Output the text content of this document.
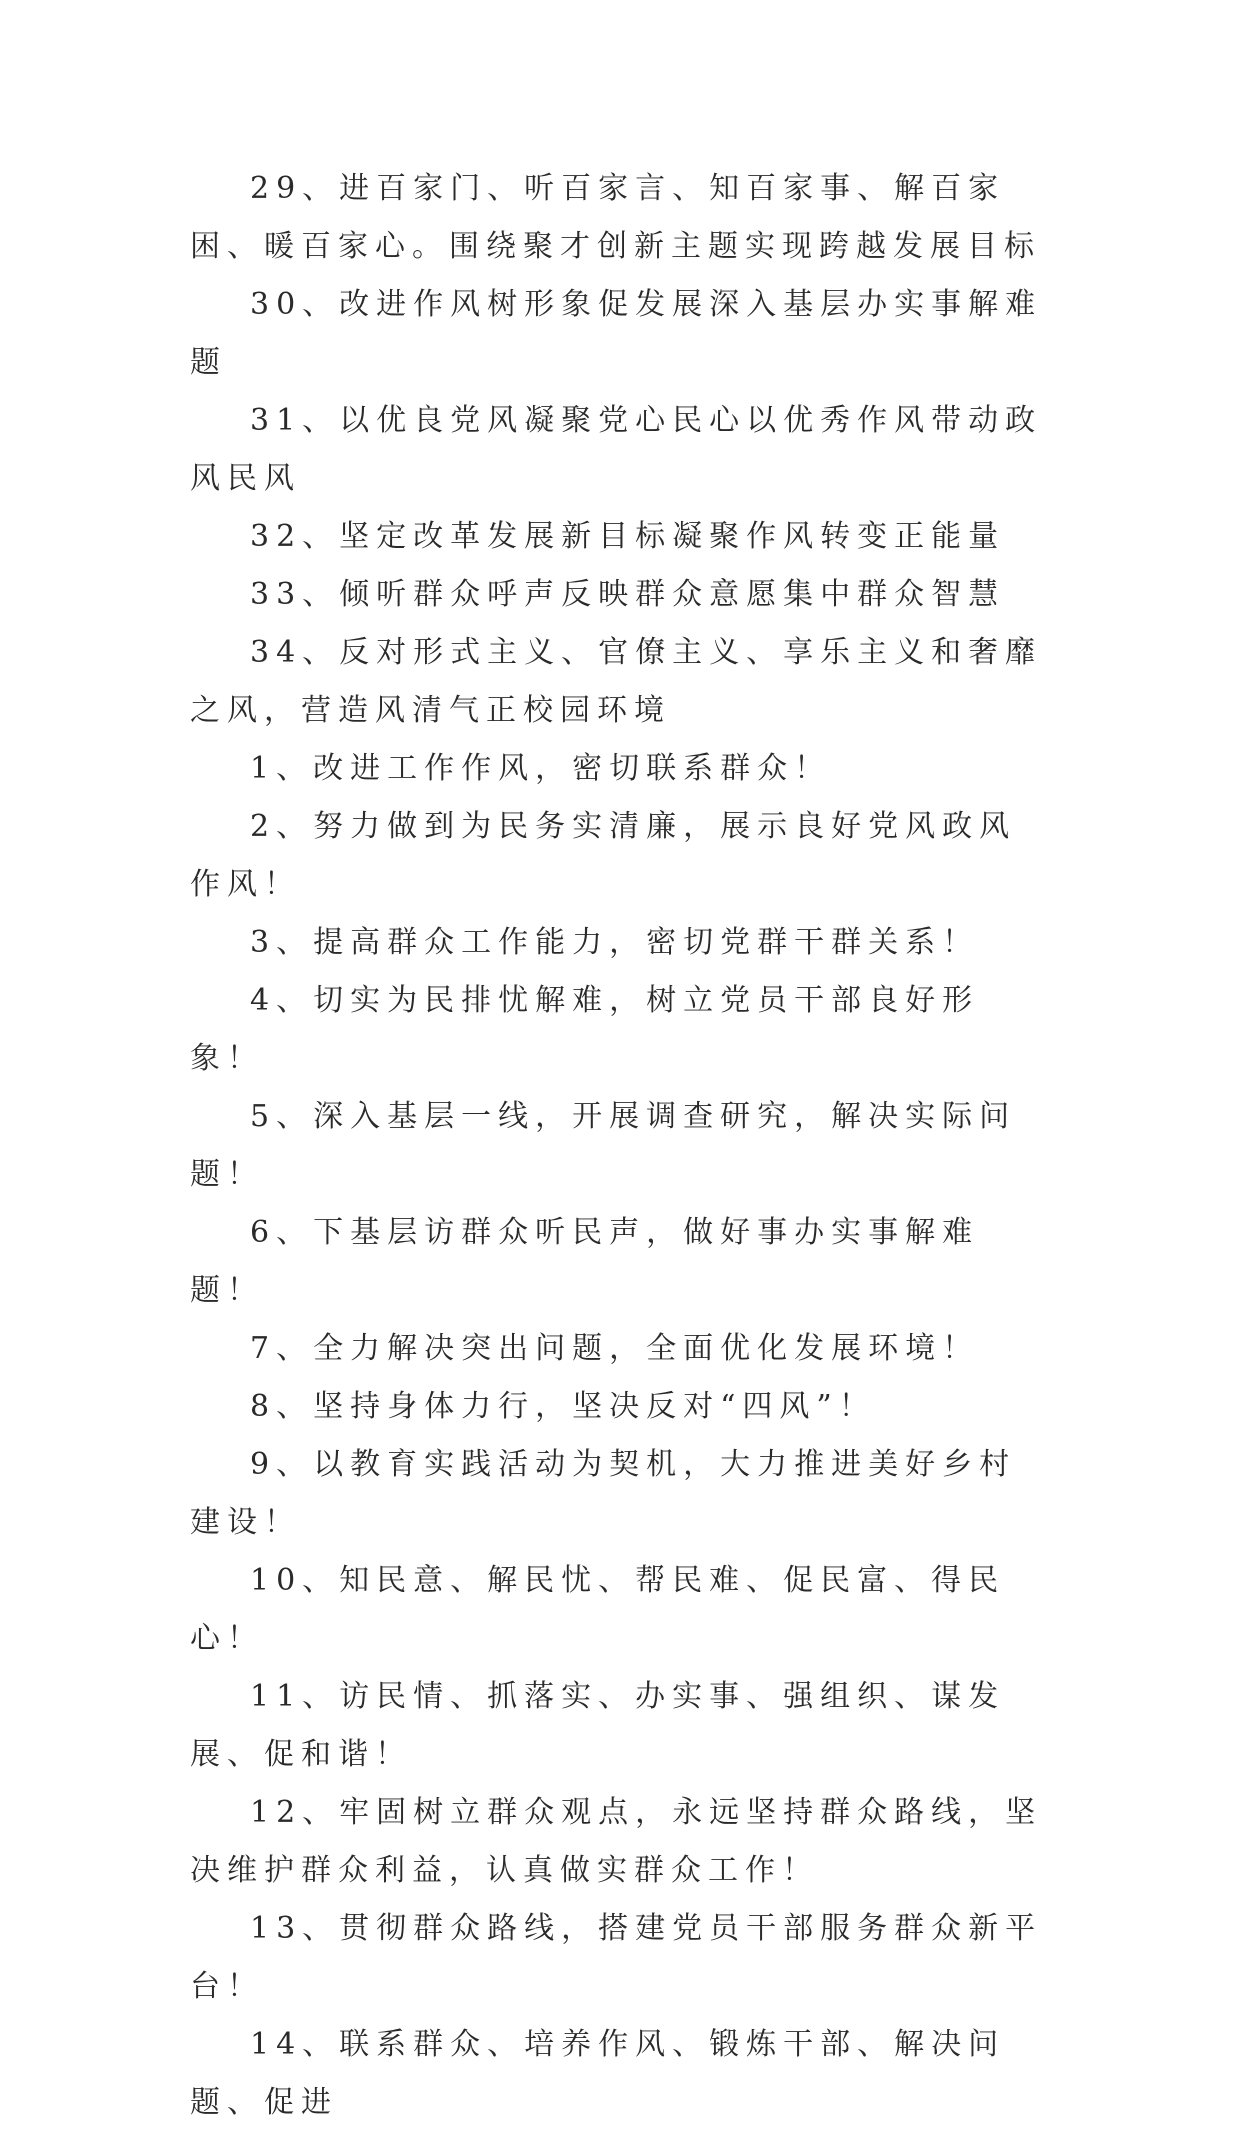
29、进百家门、听百家言、知百家事、解百家困、暖百家心。围绕聚才创新主题实现跨越发展目标

30、改进作风树形象促发展深入基层办实事解难题

31、以优良党风凝聚党心民心以优秀作风带动政风民风

32、坚定改革发展新目标凝聚作风转变正能量

33、倾听群众呼声反映群众意愿集中群众智慧

34、反对形式主义、官僚主义、享乐主义和奢靡之风，营造风清气正校园环境

1、改进工作作风，密切联系群众！

2、努力做到为民务实清廉，展示良好党风政风作风！

3、提高群众工作能力，密切党群干群关系！

4、切实为民排忧解难，树立党员干部良好形象！

5、深入基层一线，开展调查研究，解决实际问题！

6、下基层访群众听民声，做好事办实事解难题！

7、全力解决突出问题，全面优化发展环境！

8、坚持身体力行，坚决反对“四风”！

9、以教育实践活动为契机，大力推进美好乡村建设！

10、知民意、解民忧、帮民难、促民富、得民心！

11、访民情、抓落实、办实事、强组织、谋发展、促和谐！

12、牢固树立群众观点，永远坚持群众路线，坚决维护群众利益，认真做实群众工作！

13、贯彻群众路线，搭建党员干部服务群众新平台！

14、联系群众、培养作风、锻炼干部、解决问题、促进
